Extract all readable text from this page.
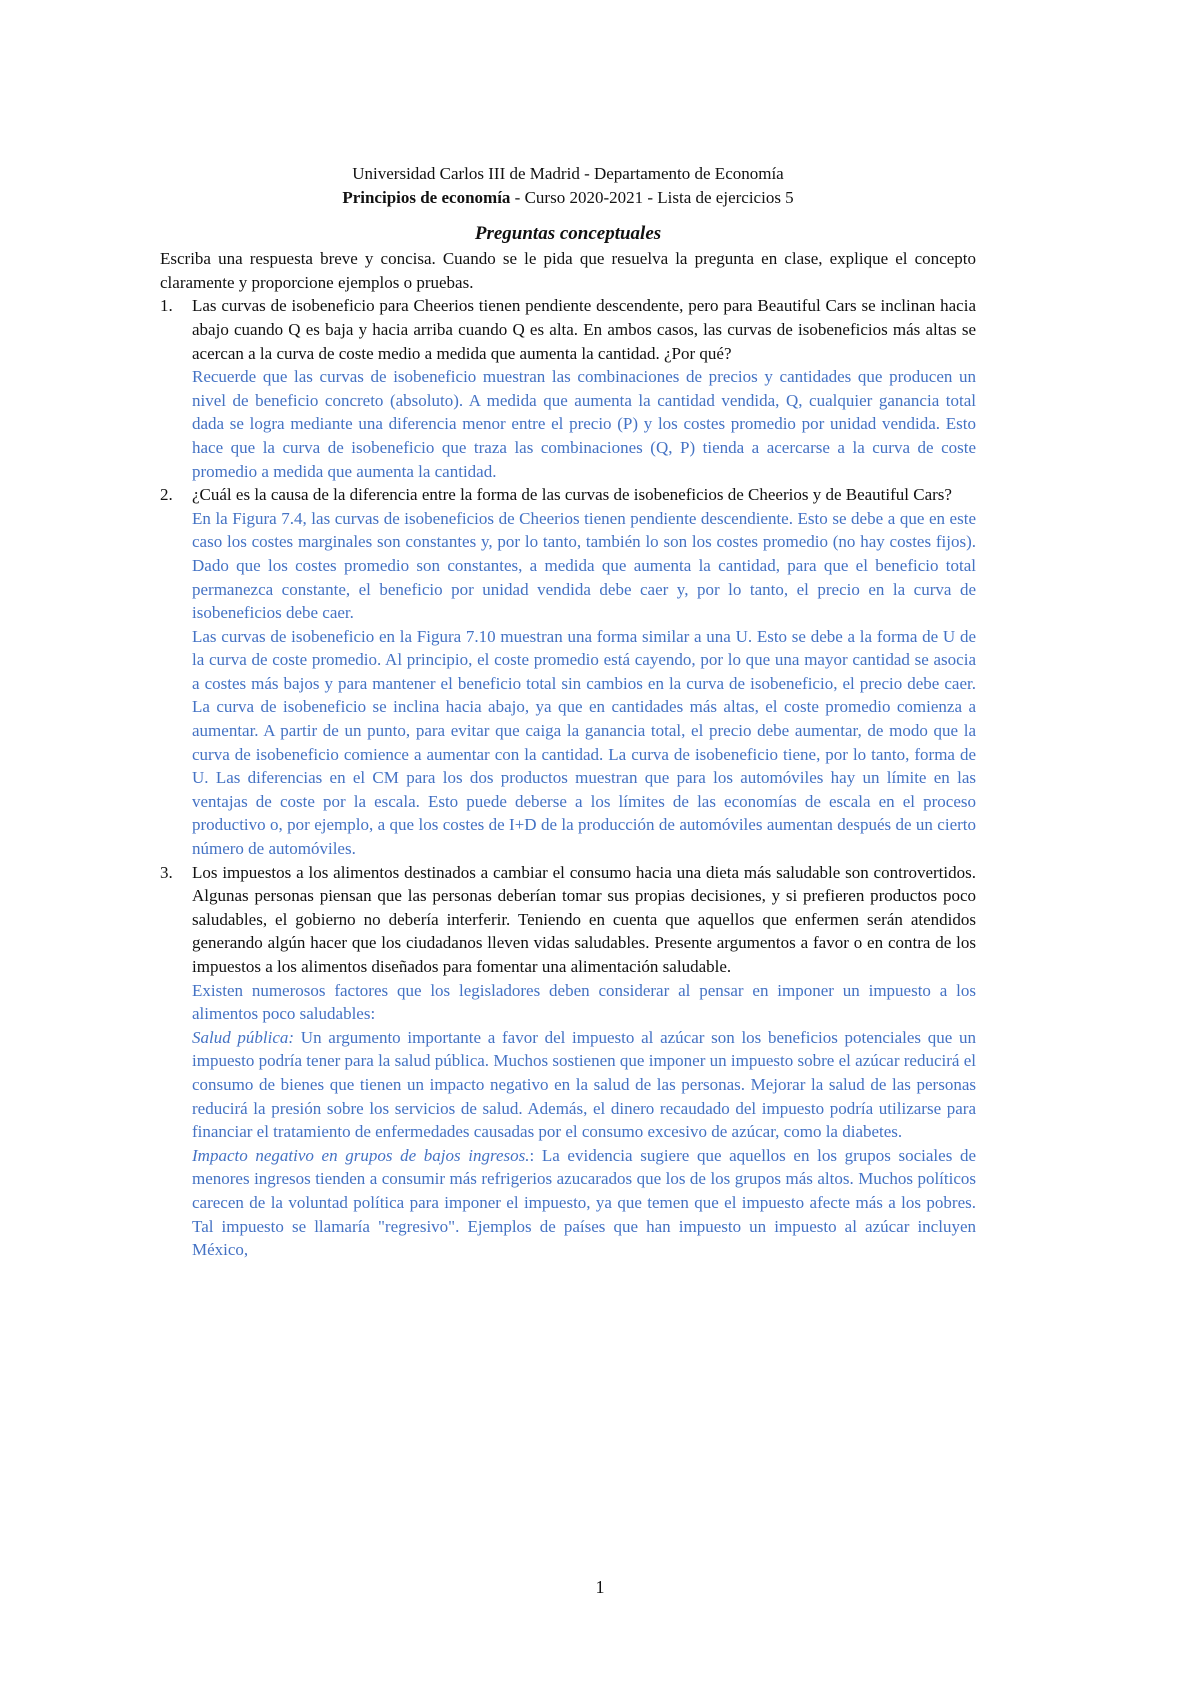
Universidad Carlos III de Madrid - Departamento de Economía
Principios de economía - Curso 2020-2021 - Lista de ejercicios 5
Preguntas conceptuales

Escriba una respuesta breve y concisa. Cuando se le pida que resuelva la pregunta en clase, explique el concepto claramente y proporcione ejemplos o pruebas.

1. Las curvas de isobeneficio para Cheerios tienen pendiente descendente, pero para Beautiful Cars se inclinan hacia abajo cuando Q es baja y hacia arriba cuando Q es alta. En ambos casos, las curvas de isobeneficios más altas se acercan a la curva de coste medio a medida que aumenta la cantidad. ¿Por qué?

Recuerde que las curvas de isobeneficio muestran las combinaciones de precios y cantidades que producen un nivel de beneficio concreto (absoluto). A medida que aumenta la cantidad vendida, Q, cualquier ganancia total dada se logra mediante una diferencia menor entre el precio (P) y los costes promedio por unidad vendida. Esto hace que la curva de isobeneficio que traza las combinaciones (Q, P) tienda a acercarse a la curva de coste promedio a medida que aumenta la cantidad.

2. ¿Cuál es la causa de la diferencia entre la forma de las curvas de isobeneficios de Cheerios y de Beautiful Cars?

En la Figura 7.4, las curvas de isobeneficios de Cheerios tienen pendiente descendiente. Esto se debe a que en este caso los costes marginales son constantes y, por lo tanto, también lo son los costes promedio (no hay costes fijos). Dado que los costes promedio son constantes, a medida que aumenta la cantidad, para que el beneficio total permanezca constante, el beneficio por unidad vendida debe caer y, por lo tanto, el precio en la curva de isobeneficios debe caer.

Las curvas de isobeneficio en la Figura 7.10 muestran una forma similar a una U. Esto se debe a la forma de U de la curva de coste promedio. Al principio, el coste promedio está cayendo, por lo que una mayor cantidad se asocia a costes más bajos y para mantener el beneficio total sin cambios en la curva de isobeneficio, el precio debe caer. La curva de isobeneficio se inclina hacia abajo, ya que en cantidades más altas, el coste promedio comienza a aumentar. A partir de un punto, para evitar que caiga la ganancia total, el precio debe aumentar, de modo que la curva de isobeneficio comience a aumentar con la cantidad. La curva de isobeneficio tiene, por lo tanto, forma de U. Las diferencias en el CM para los dos productos muestran que para los automóviles hay un límite en las ventajas de coste por la escala. Esto puede deberse a los límites de las economías de escala en el proceso productivo o, por ejemplo, a que los costes de I+D de la producción de automóviles aumentan después de un cierto número de automóviles.

3. Los impuestos a los alimentos destinados a cambiar el consumo hacia una dieta más saludable son controvertidos. Algunas personas piensan que las personas deberían tomar sus propias decisiones, y si prefieren productos poco saludables, el gobierno no debería interferir. Teniendo en cuenta que aquellos que enfermen serán atendidos generando algún hacer que los ciudadanos lleven vidas saludables. Presente argumentos a favor o en contra de los impuestos a los alimentos diseñados para fomentar una alimentación saludable.

Existen numerosos factores que los legisladores deben considerar al pensar en imponer un impuesto a los alimentos poco saludables:

Salud pública: Un argumento importante a favor del impuesto al azúcar son los beneficios potenciales que un impuesto podría tener para la salud pública. Muchos sostienen que imponer un impuesto sobre el azúcar reducirá el consumo de bienes que tienen un impacto negativo en la salud de las personas. Mejorar la salud de las personas reducirá la presión sobre los servicios de salud. Además, el dinero recaudado del impuesto podría utilizarse para financiar el tratamiento de enfermedades causadas por el consumo excesivo de azúcar, como la diabetes.

Impacto negativo en grupos de bajos ingresos.: La evidencia sugiere que aquellos en los grupos sociales de menores ingresos tienden a consumir más refrigerios azucarados que los de los grupos más altos. Muchos políticos carecen de la voluntad política para imponer el impuesto, ya que temen que el impuesto afecte más a los pobres. Tal impuesto se llamaría "regresivo". Ejemplos de países que han impuesto un impuesto al azúcar incluyen México,

1
